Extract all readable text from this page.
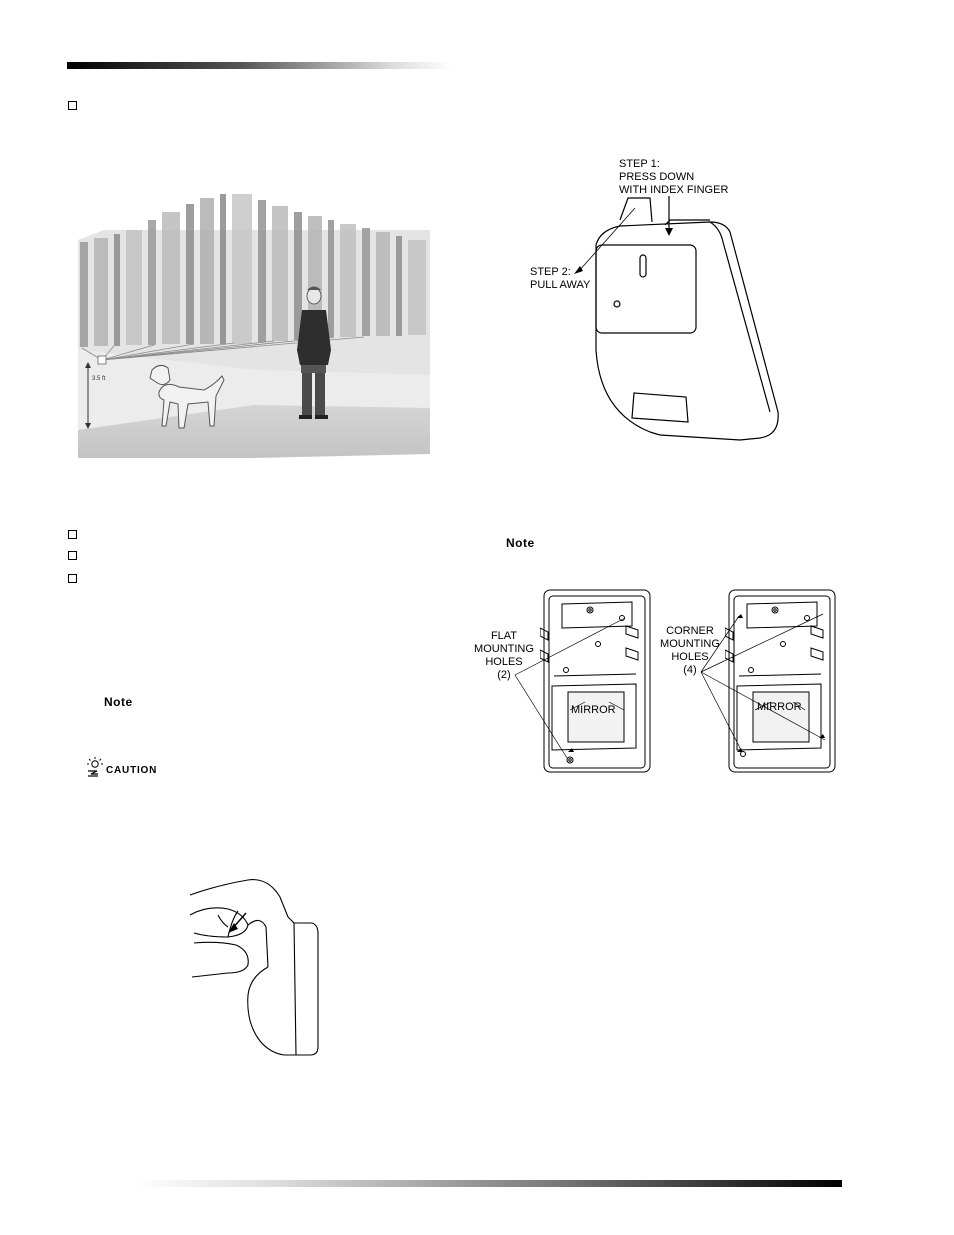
3.5 ft
STEP 1:
PRESS DOWN
WITH INDEX FINGER
STEP 2:
PULL AWAY
Note
FLAT
MOUNTING
HOLES
(2)
CORNER
MOUNTING
HOLES
(4)
MIRROR	MIRROR
Note
CAUTION
